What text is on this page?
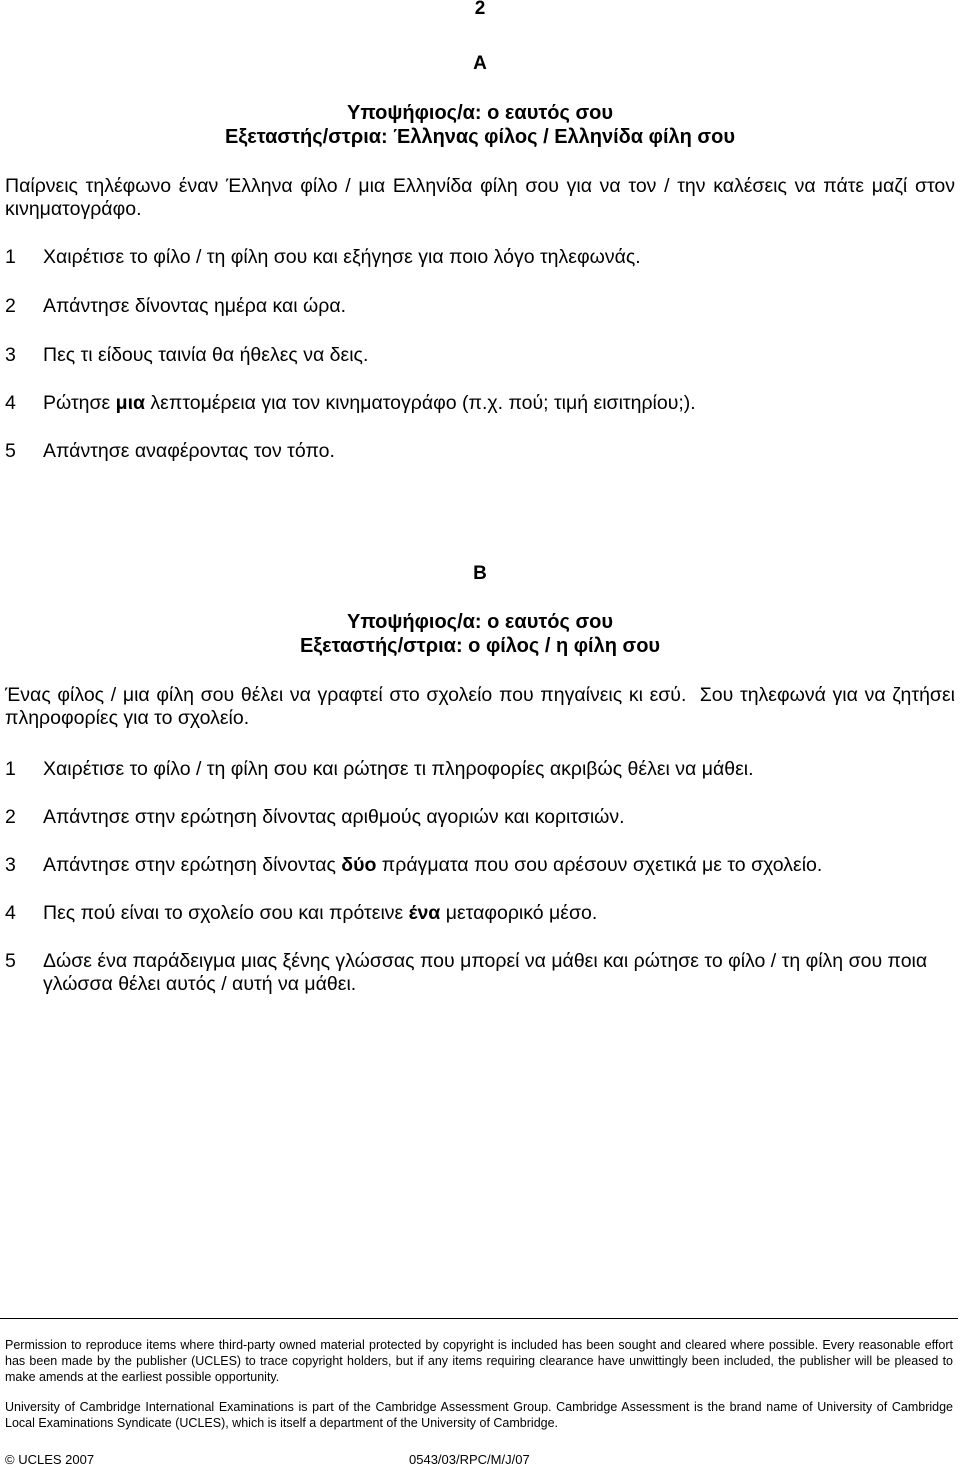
2
A
Υποψήφιος/α: ο εαυτός σου
Εξεταστής/στρια: Έλληνας φίλος / Ελληνίδα φίλη σου
Παίρνεις τηλέφωνο έναν Έλληνα φίλο / μια Ελληνίδα φίλη σου για να τον / την καλέσεις να πάτε μαζί στον κινηματογράφο.
1	Χαιρέτισε το φίλο / τη φίλη σου και εξήγησε για ποιο λόγο τηλεφωνάς.
2	Απάντησε δίνοντας ημέρα και ώρα.
3	Πες τι είδους ταινία θα ήθελες να δεις.
4	Ρώτησε μια λεπτομέρεια για τον κινηματογράφο (π.χ. πού; τιμή εισιτηρίου;).
5	Απάντησε αναφέροντας τον τόπο.
B
Υποψήφιος/α: ο εαυτός σου
Εξεταστής/στρια: ο φίλος / η φίλη σου
Ένας φίλος / μια φίλη σου θέλει να γραφτεί στο σχολείο που πηγαίνεις κι εσύ.  Σου τηλεφωνά για να ζητήσει πληροφορίες για το σχολείο.
1	Χαιρέτισε το φίλο / τη φίλη σου και ρώτησε τι πληροφορίες ακριβώς θέλει να μάθει.
2	Απάντησε στην ερώτηση δίνοντας αριθμούς αγοριών και κοριτσιών.
3	Απάντησε στην ερώτηση δίνοντας δύο πράγματα που σου αρέσουν σχετικά με το σχολείο.
4	Πες πού είναι το σχολείο σου και πρότεινε ένα μεταφορικό μέσο.
5	Δώσε ένα παράδειγμα μιας ξένης γλώσσας που μπορεί να μάθει και ρώτησε το φίλο / τη φίλη σου ποια γλώσσα θέλει αυτός / αυτή να μάθει.
Permission to reproduce items where third-party owned material protected by copyright is included has been sought and cleared where possible. Every reasonable effort has been made by the publisher (UCLES) to trace copyright holders, but if any items requiring clearance have unwittingly been included, the publisher will be pleased to make amends at the earliest possible opportunity.
University of Cambridge International Examinations is part of the Cambridge Assessment Group. Cambridge Assessment is the brand name of University of Cambridge Local Examinations Syndicate (UCLES), which is itself a department of the University of Cambridge.
© UCLES 2007	0543/03/RPC/M/J/07
